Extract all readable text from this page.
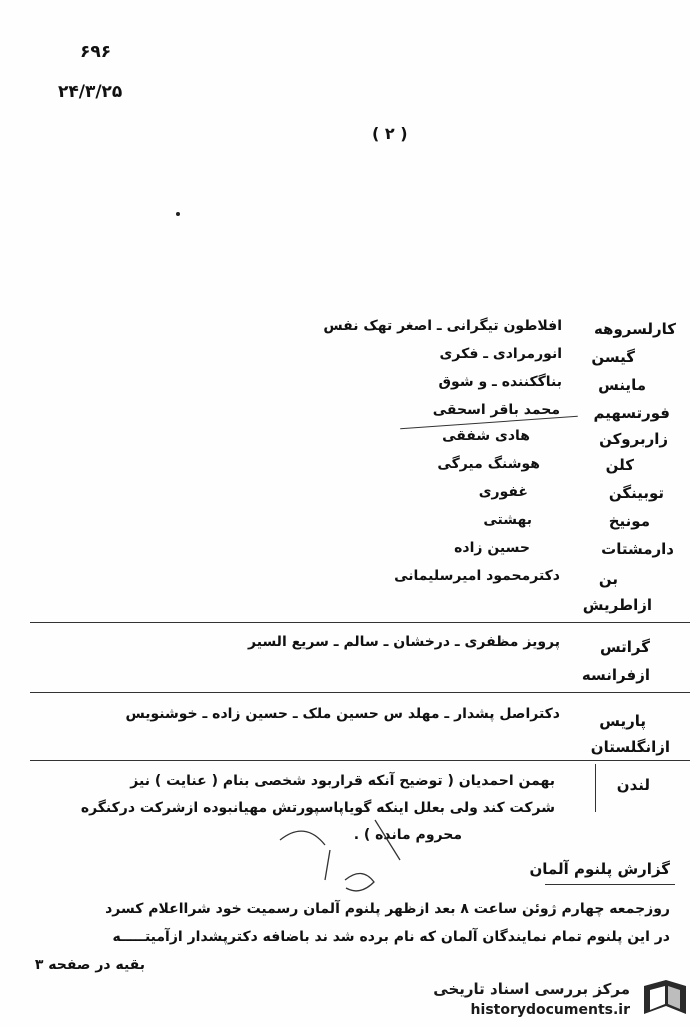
۶۹۶
۲۴/۳/۲۵
( ۲ )
کارلسروهه
گیسن
ماینس
فورتسهیم
زاربروکن
کلن
توبینگن
مونیخ
دارمشتات
بن
ازاطریش
گراتس
ازفرانسه
پاریس
ازانگلستان
لندن
افلاطون تیگرانی ـ اصغر تهک نفس
انورمرادی ـ فکری
بناگکننده ـ و شوق
محمد باقر اسحقی
هادی شفقی
هوشنگ میرگی
غفوری
بهشتی
حسین زاده
دکترمحمود امیرسلیمانی
پرویز مظفری ـ درخشان ـ سالم ـ سریع السیر
دکتراصل پشدار ـ مهلد س حسین ملک ـ حسین زاده ـ خوشنویس
بهمن احمدیان ( توضیح آنکه قراربود شخصی بنام ( عنایت ) نیز
شرکت کند ولی بعلل اینکه گویاپاسپورتش مهیانبوده ازشرکت درکنگره
محروم مانده ) .
گزارش پلنوم آلمان
روزجمعه چهارم ژوئن ساعت ۸ بعد ازظهر پلنوم آلمان رسمیت خود شرااعلام کسرد
در این پلنوم تمام نمایندگان آلمان که نام برده شد ند باضافه دکترپشدار ازآمیتـــــه
بقیه در صفحه ۳
مرکز بررسی اسناد تاریخی
historydocuments.ir
